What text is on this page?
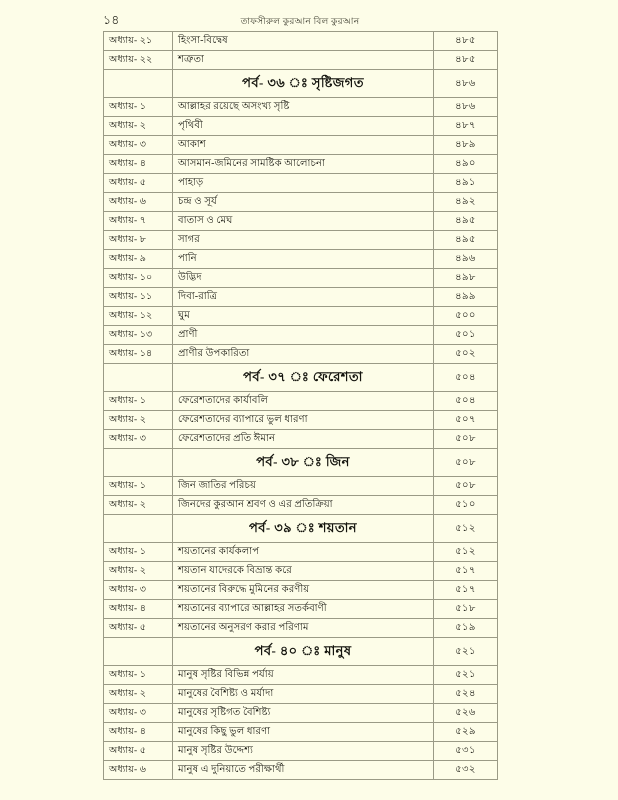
১৪	তাফসীরুল কুরআন বিল কুরআন
অধ্যায়- ২১	হিংসা-বিদ্বেষ	৪৮৫
অধ্যায়- ২২	শত্রুতা	৪৮৫
	পর্ব- ৩৬ ঃ সৃষ্টিজগত	৪৮৬
অধ্যায়- ১	আল্লাহর রয়েছে অসংখ্য সৃষ্টি	৪৮৬
অধ্যায়- ২	পৃথিবী	৪৮৭
অধ্যায়- ৩	আকাশ	৪৮৯
অধ্যায়- ৪	আসমান-জমিনের সামষ্টিক আলোচনা	৪৯০
অধ্যায়- ৫	পাহাড়	৪৯১
অধ্যায়- ৬	চন্দ্র ও সূর্য	৪৯২
অধ্যায়- ৭	বাতাস ও মেঘ	৪৯৫
অধ্যায়- ৮	সাগর	৪৯৫
অধ্যায়- ৯	পানি	৪৯৬
অধ্যায়- ১০	উদ্ভিদ	৪৯৮
অধ্যায়- ১১	দিবা-রাত্রি	৪৯৯
অধ্যায়- ১২	ঘুম	৫০০
অধ্যায়- ১৩	প্রাণী	৫০১
অধ্যায়- ১৪	প্রাণীর উপকারিতা	৫০২
	পর্ব- ৩৭ ঃ ফেরেশতা	৫০৪
অধ্যায়- ১	ফেরেশতাদের কার্যাবলি	৫০৪
অধ্যায়- ২	ফেরেশতাদের ব্যাপারে ভুল ধারণা	৫০৭
অধ্যায়- ৩	ফেরেশতাদের প্রতি ঈমান	৫০৮
	পর্ব- ৩৮ ঃ জিন	৫০৮
অধ্যায়- ১	জিন জাতির পরিচয়	৫০৮
অধ্যায়- ২	জিনদের কুরআন শ্রবণ ও এর প্রতিক্রিয়া	৫১০
	পর্ব- ৩৯ ঃ শয়তান	৫১২
অধ্যায়- ১	শয়তানের কার্যকলাপ	৫১২
অধ্যায়- ২	শয়তান যাদেরকে বিভ্রান্ত করে	৫১৭
অধ্যায়- ৩	শয়তানের বিরুদ্ধে মুমিনের করণীয়	৫১৭
অধ্যায়- ৪	শয়তানের ব্যাপারে আল্লাহর সতর্কবাণী	৫১৮
অধ্যায়- ৫	শয়তানের অনুসরণ করার পরিণাম	৫১৯
	পর্ব- ৪০ ঃ মানুষ	৫২১
অধ্যায়- ১	মানুষ সৃষ্টির বিভিন্ন পর্যায়	৫২১
অধ্যায়- ২	মানুষের বৈশিষ্ট্য ও মর্যাদা	৫২৪
অধ্যায়- ৩	মানুষের সৃষ্টিগত বৈশিষ্ট্য	৫২৬
অধ্যায়- ৪	মানুষের কিছু ভুল ধারণা	৫২৯
অধ্যায়- ৫	মানুষ সৃষ্টির উদ্দেশ্য	৫৩১
অধ্যায়- ৬	মানুষ এ দুনিয়াতে পরীক্ষার্থী	৫৩২
